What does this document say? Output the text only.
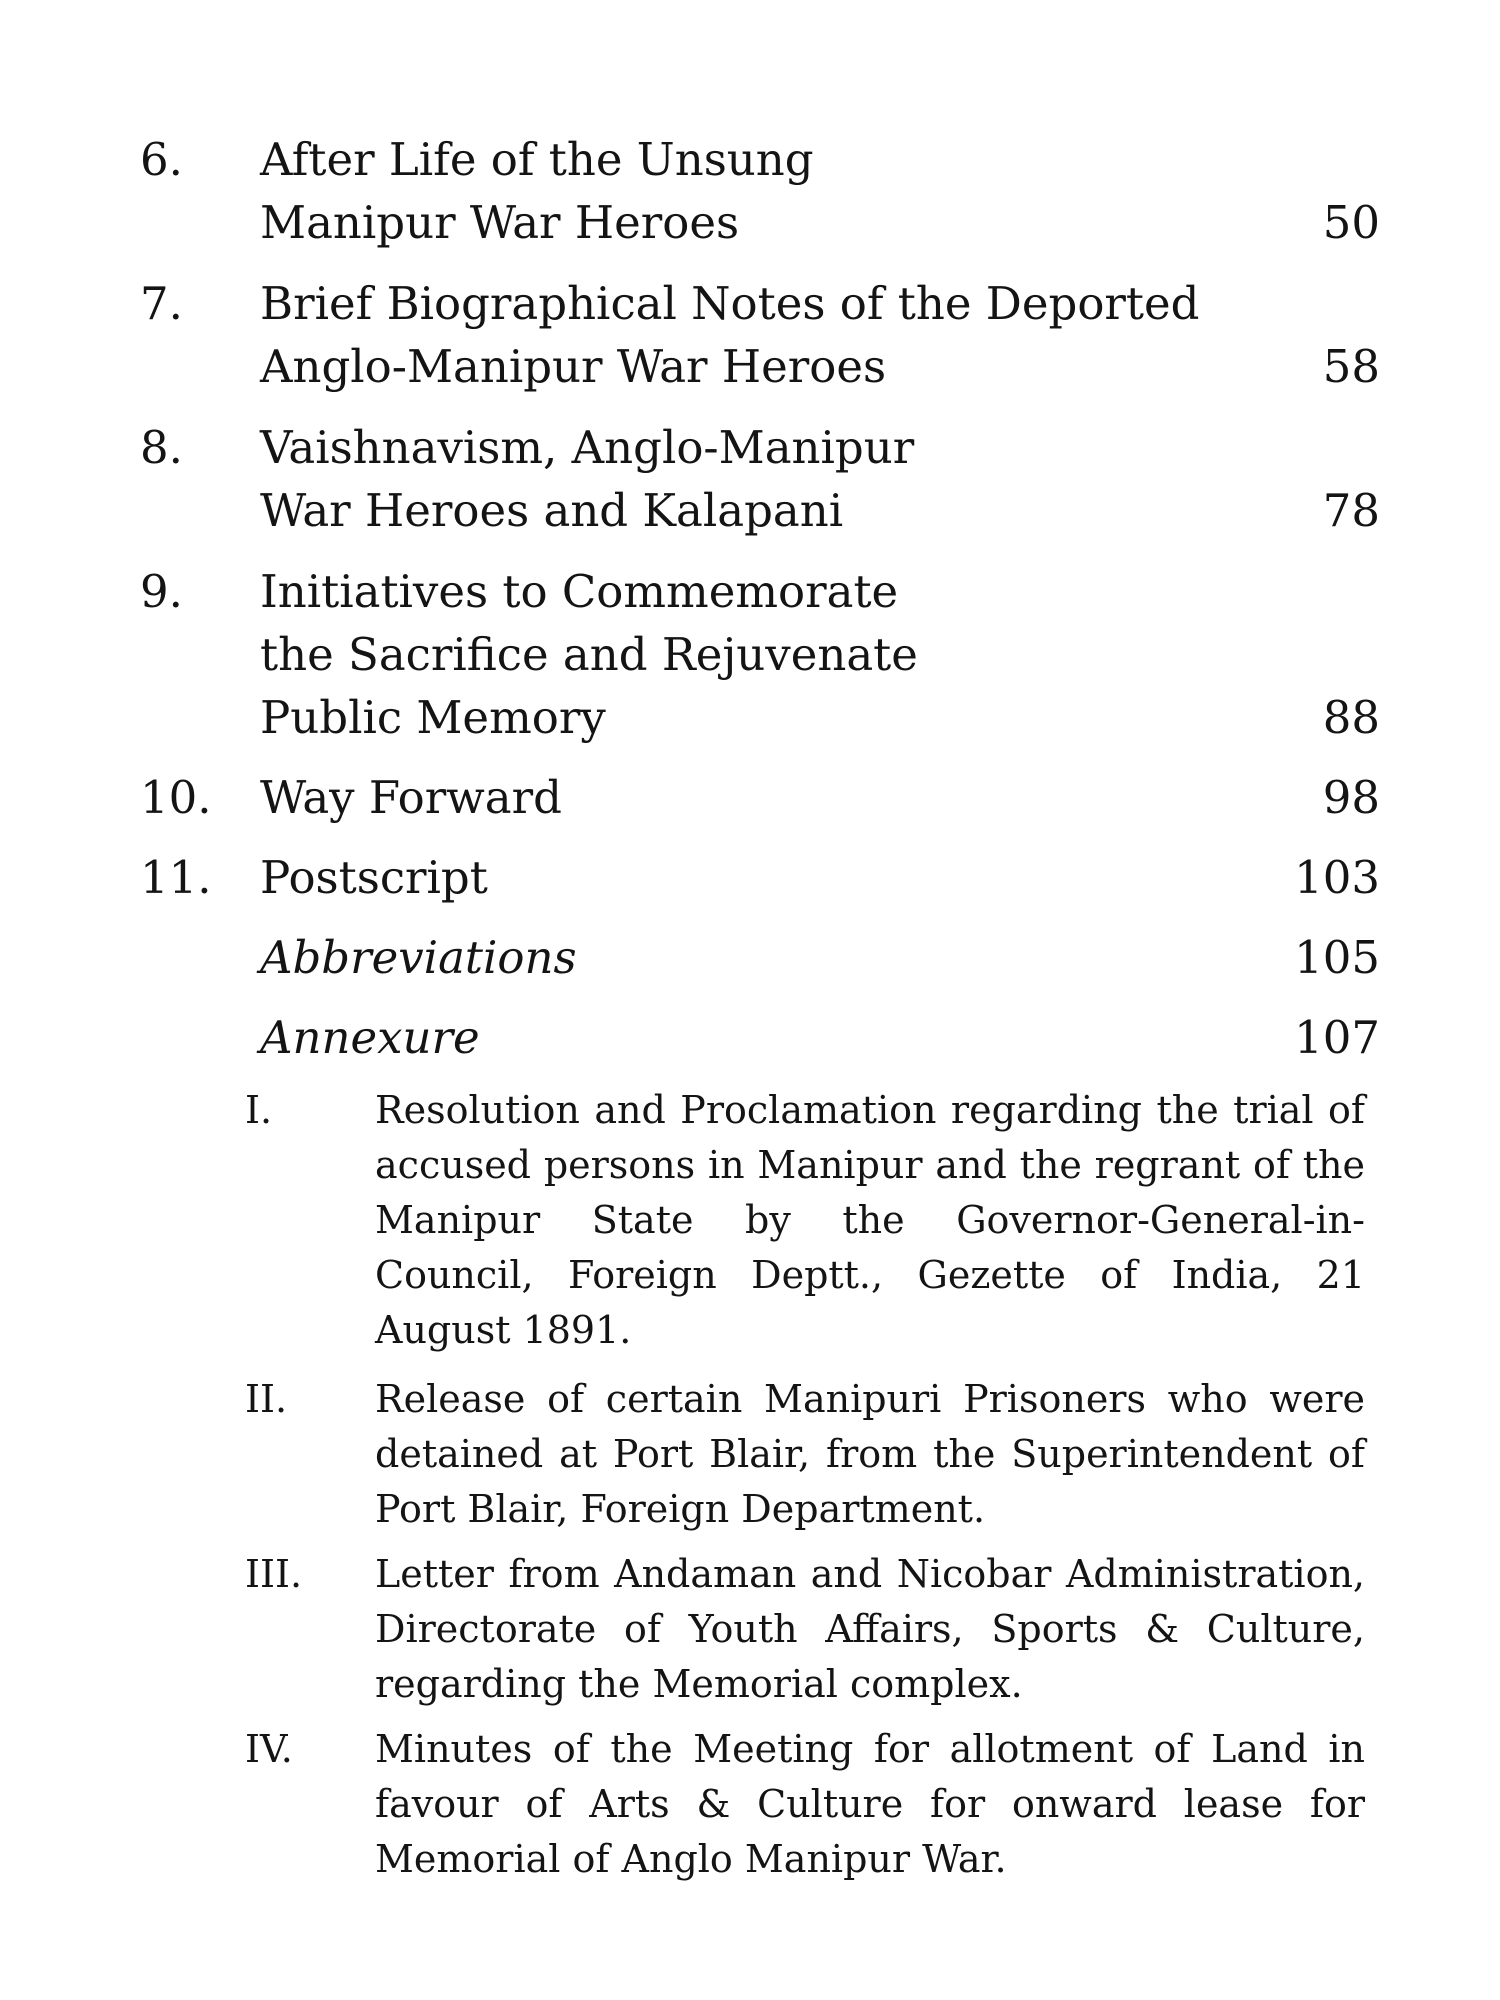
6.	After Life of the Unsung
Manipur War Heroes	50
7.	Brief Biographical Notes of the Deported
Anglo-Manipur War Heroes	58
8.	Vaishnavism, Anglo-Manipur
War Heroes and Kalapani	78
9.	Initiatives to Commemorate
the Sacrifice and Rejuvenate
Public Memory	88
10.	Way Forward	98
11.	Postscript	103
Abbreviations	105
Annexure	107
I.	Resolution and Proclamation regarding the trial of accused persons in Manipur and the regrant of the Manipur State by the Governor-General-in-Council, Foreign Deptt., Gezette of India, 21 August 1891.
II.	Release of certain Manipuri Prisoners who were detained at Port Blair, from the Superintendent of Port Blair, Foreign Department.
III.	Letter from Andaman and Nicobar Administration, Directorate of Youth Affairs, Sports & Culture, regarding the Memorial complex.
IV.	Minutes of the Meeting for allotment of Land in favour of Arts & Culture for onward lease for Memorial of Anglo Manipur War.
